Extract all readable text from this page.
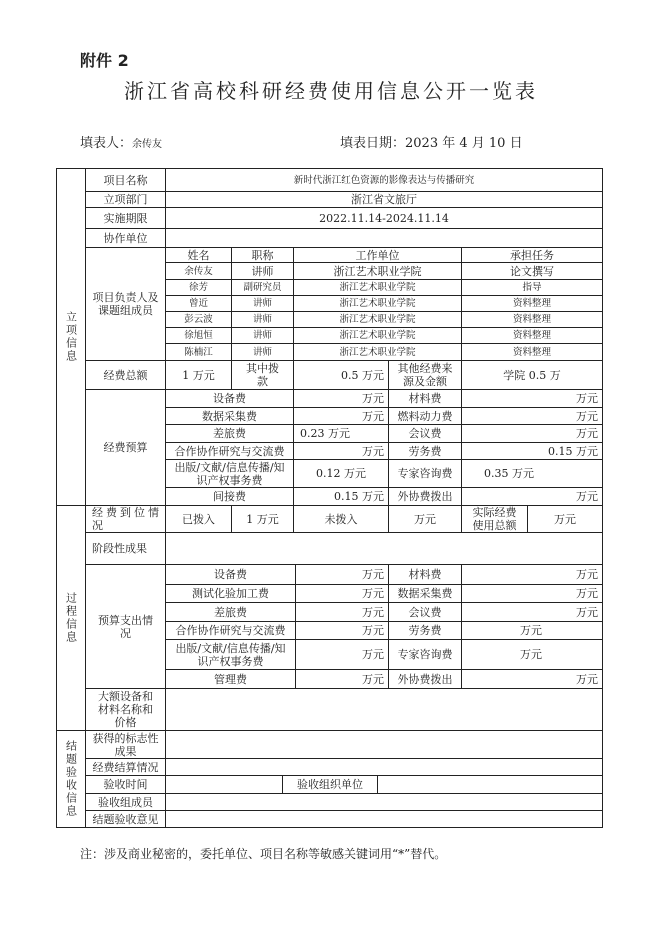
附件 2
浙江省高校科研经费使用信息公开一览表
填表人：余传友	填表日期：2023 年 4 月 10 日
立项信息
过程信息
结题验收信息
项目名称	新时代浙江红色资源的影像表达与传播研究
立项部门	浙江省文旅厅
实施期限	2022.11.14-2024.11.14
协作单位
项目负责人及课题组成员
姓名	职称	工作单位	承担任务
余传友	讲师	浙江艺术职业学院	论文撰写
徐芳	副研究员	浙江艺术职业学院	指导
曾近	讲师	浙江艺术职业学院	资料整理
彭云波	讲师	浙江艺术职业学院	资料整理
徐旭恒	讲师	浙江艺术职业学院	资料整理
陈楠江	讲师	浙江艺术职业学院	资料整理
经费总额	1 万元	其中拨款	0.5 万元	其他经费来源及金额	学院 0.5 万
经费预算
设备费	万元	材料费	万元
数据采集费	万元	燃料动力费	万元
差旅费	0.23 万元	会议费	万元
合作协作研究与交流费	万元	劳务费	0.15 万元
出版/文献/信息传播/知识产权事务费	0.12 万元	专家咨询费	0.35 万元
间接费	0.15 万元	外协费拨出	万元
经费到位情况	已拨入	1 万元	未拨入	万元	实际经费使用总额	万元
阶段性成果
预算支出情况
设备费	万元	材料费	万元
测试化验加工费	万元	数据采集费	万元
差旅费	万元	会议费	万元
合作协作研究与交流费	万元	劳务费	万元
出版/文献/信息传播/知识产权事务费	万元	专家咨询费	万元
管理费	万元	外协费拨出	万元
大额设备和材料名称和价格
获得的标志性成果
经费结算情况
验收时间	验收组织单位
验收组成员
结题验收意见
注：涉及商业秘密的，委托单位、项目名称等敏感关键词用“*”替代。
